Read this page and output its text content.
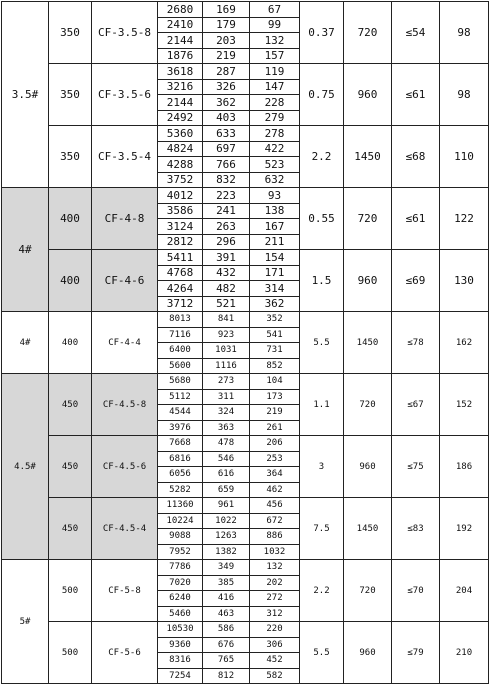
3.5#	350	CF-3.5-8	2680	169	67	0.37	720	≤54	98
			2410	179	99				
			2144	203	132				
			1876	219	157				
	350	CF-3.5-6	3618	287	119	0.75	960	≤61	98
			3216	326	147				
			2144	362	228				
			2492	403	279				
	350	CF-3.5-4	5360	633	278	2.2	1450	≤68	110
			4824	697	422				
			4288	766	523				
			3752	832	632				
4#	400	CF-4-8	4012	223	93	0.55	720	≤61	122
			3586	241	138				
			3124	263	167				
			2812	296	211				
	400	CF-4-6	5411	391	154	1.5	960	≤69	130
			4768	432	171				
			4264	482	314				
			3712	521	362				
4#	400	CF-4-4	8013	841	352	5.5	1450	≤78	162
			7116	923	541				
			6400	1031	731				
			5600	1116	852				
4.5#	450	CF-4.5-8	5680	273	104	1.1	720	≤67	152
			5112	311	173				
			4544	324	219				
			3976	363	261				
	450	CF-4.5-6	7668	478	206	3	960	≤75	186
			6816	546	253				
			6056	616	364				
			5282	659	462				
	450	CF-4.5-4	11360	961	456	7.5	1450	≤83	192
			10224	1022	672				
			9088	1263	886				
			7952	1382	1032				
5#	500	CF-5-8	7786	349	132	2.2	720	≤70	204
			7020	385	202				
			6240	416	272				
			5460	463	312				
	500	CF-5-6	10530	586	220	5.5	960	≤79	210
			9360	676	306				
			8316	765	452				
			7254	812	582				
